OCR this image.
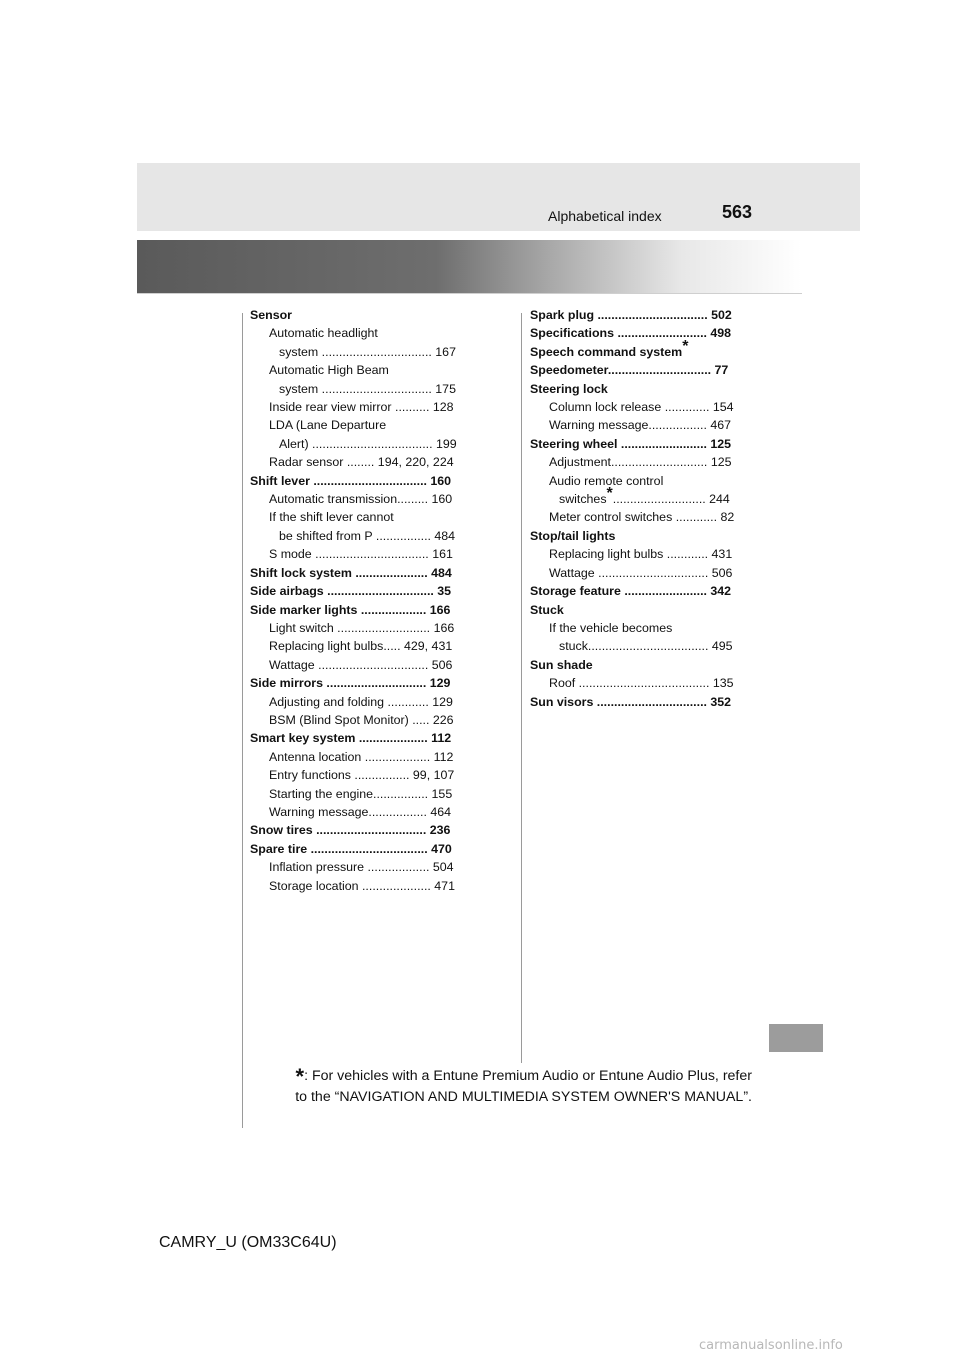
Alphabetical index	563
Sensor
Automatic headlight
system ................................ 167
Automatic High Beam
system ................................ 175
Inside rear view mirror .......... 128
LDA (Lane Departure
Alert) ................................... 199
Radar sensor ........ 194, 220, 224
Shift lever ................................. 160
Automatic transmission......... 160
If the shift lever cannot
be shifted from P ................ 484
S mode ................................. 161
Shift lock system ..................... 484
Side airbags ............................... 35
Side marker lights ................... 166
Light switch ........................... 166
Replacing light bulbs..... 429, 431
Wattage ................................ 506
Side mirrors ............................. 129
Adjusting and folding ............ 129
BSM (Blind Spot Monitor) ..... 226
Smart key system .................... 112
Antenna location ................... 112
Entry functions ................ 99, 107
Starting the engine................ 155
Warning message................. 464
Snow tires ................................ 236
Spare tire .................................. 470
Inflation pressure .................. 504
Storage location .................... 471
Spark plug ................................ 502
Specifications .......................... 498
Speech command system*
Speedometer.............................. 77
Steering lock
Column lock release ............. 154
Warning message................. 467
Steering wheel ......................... 125
Adjustment............................ 125
Audio remote control
switches*........................... 244
Meter control switches ............ 82
Stop/tail lights
Replacing light bulbs ............ 431
Wattage ................................ 506
Storage feature ........................ 342
Stuck
If the vehicle becomes
stuck................................... 495
Sun shade
Roof ...................................... 135
Sun visors ................................ 352
*: For vehicles with a Entune Premium Audio or Entune Audio Plus, refer to the “NAVIGATION AND MULTIMEDIA SYSTEM OWNER'S MANUAL”.
CAMRY_U (OM33C64U)
carmanualsonline.info
